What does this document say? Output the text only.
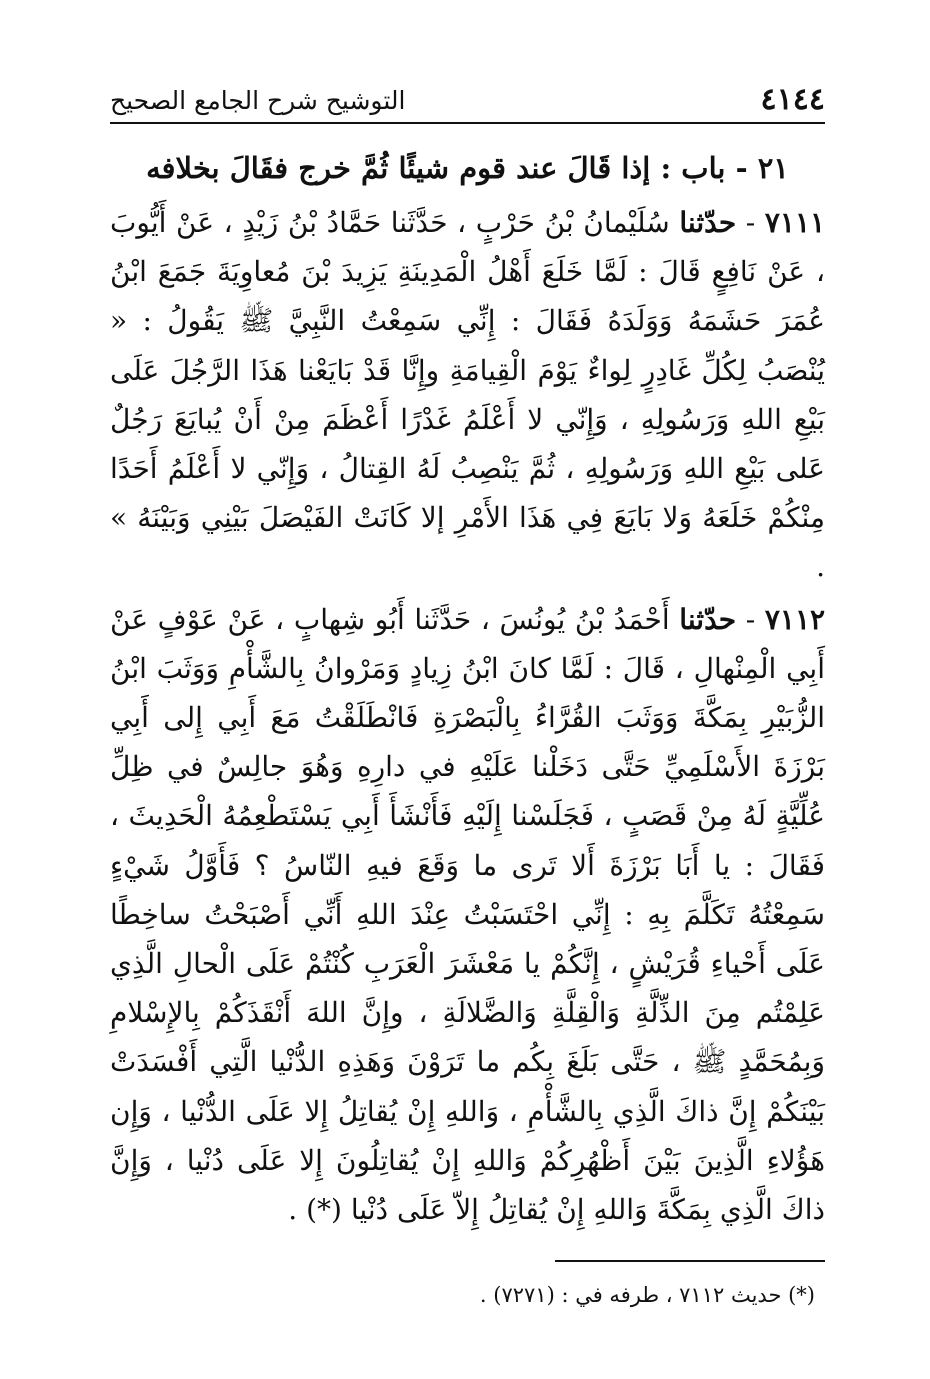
٤١٤٤
التوشيح شرح الجامع الصحيح
٢١ - باب : إذا قَالَ عند قوم شيئًا ثُمَّ خرج فقَالَ بخلافه

٧١١١ - حدّثنا سُلَيْمانُ بْنُ حَرْبٍ ، حَدَّثَنا حَمَّادُ بْنُ زَيْدٍ ، عَنْ أَيُّوبَ ، عَنْ نَافِعٍ قَالَ : لَمَّا خَلَعَ أَهْلُ الْمَدِينَةِ يَزِيدَ بْنَ مُعاوِيَةَ جَمَعَ ابْنُ عُمَرَ حَشَمَهُ وَوَلَدَهُ فَقَالَ : إِنِّي سَمِعْتُ النَّبِيَّ ﷺ يَقُولُ : « يُنْصَبُ لِكُلِّ غَادِرٍ لِواءٌ يَوْمَ الْقِيامَةِ وإِنَّا قَدْ بَايَعْنا هَذَا الرَّجُلَ عَلَى بَيْعِ اللهِ وَرَسُولِهِ ، وَإِنّي لا أَعْلَمُ غَدْرًا أَعْظَمَ مِنْ أَنْ يُبايَعَ رَجُلٌ عَلى بَيْعِ اللهِ وَرَسُولِهِ ، ثُمَّ يَنْصِبُ لَهُ القِتالُ ، وَإِنّي لا أَعْلَمُ أَحَدًا مِنْكُمْ خَلَعَهُ وَلا بَايَعَ فِي هَذَا الأَمْرِ إلا كَانَتْ الفَيْصَلَ بَيْنِي وَبَيْنَهُ » .

٧١١٢ - حدّثنا أَحْمَدُ بْنُ يُونُسَ ، حَدَّثَنا أَبُو شِهابٍ ، عَنْ عَوْفٍ عَنْ أَبِي الْمِنْهالِ ، قَالَ : لَمَّا كانَ ابْنُ زِيادٍ وَمَرْوانُ بِالشَّأْمِ وَوَثَبَ ابْنُ الزُّبَيْرِ بِمَكَّةَ وَوَثَبَ القُرَّاءُ بِالْبَصْرَةِ فَانْطَلَقْتُ مَعَ أَبِي إِلى أَبِي بَرْزَةَ الأَسْلَمِيِّ حَتَّى دَخَلْنا عَلَيْهِ في دارِهِ وَهُوَ جالِسٌ في ظِلِّ عُلِّيَّةٍ لَهُ مِنْ قَصَبٍ ، فَجَلَسْنا إِلَيْهِ فَأَنْشَأَ أَبِي يَسْتَطْعِمُهُ الْحَدِيثَ ، فَقَالَ : يا أَبَا بَرْزَةَ أَلا تَرى ما وَقَعَ فيهِ النّاسُ ؟ فَأَوَّلُ شَيْءٍ سَمِعْتُهُ تَكَلَّمَ بِهِ : إِنِّي احْتَسَبْتُ عِنْدَ اللهِ أَنِّي أَصْبَحْتُ ساخِطًا عَلَى أَحْياءِ قُرَيْشٍ ، إِنَّكُمْ يا مَعْشَرَ الْعَرَبِ كُنْتُمْ عَلَى الْحالِ الَّذِي عَلِمْتُم مِنَ الذِّلَّةِ وَالْقِلَّةِ وَالضَّلالَةِ ، وإِنَّ اللهَ أَنْقَذَكُمْ بِالإِسْلامِ وَبِمُحَمَّدٍ ﷺ ، حَتَّى بَلَغَ بِكُم ما تَرَوْنَ وَهَذِهِ الدُّنْيا الَّتِي أَفْسَدَتْ بَيْنَكُمْ إِنَّ ذاكَ الَّذِي بِالشَّأْمِ ، وَاللهِ إِنْ يُقاتِلُ إِلا عَلَى الدُّنْيا ، وَإِن هَؤُلاءِ الَّذِينَ بَيْنَ أَظْهُرِكُمْ وَاللهِ إِنْ يُقاتِلُونَ إِلا عَلَى دُنْيا ، وَإِنَّ ذاكَ الَّذِي بِمَكَّةَ وَاللهِ إِنْ يُقاتِلُ إِلاّ عَلَى دُنْيا (*) .

(*) حديث ٧١١٢ ، طرفه في : (٧٢٧١) .
